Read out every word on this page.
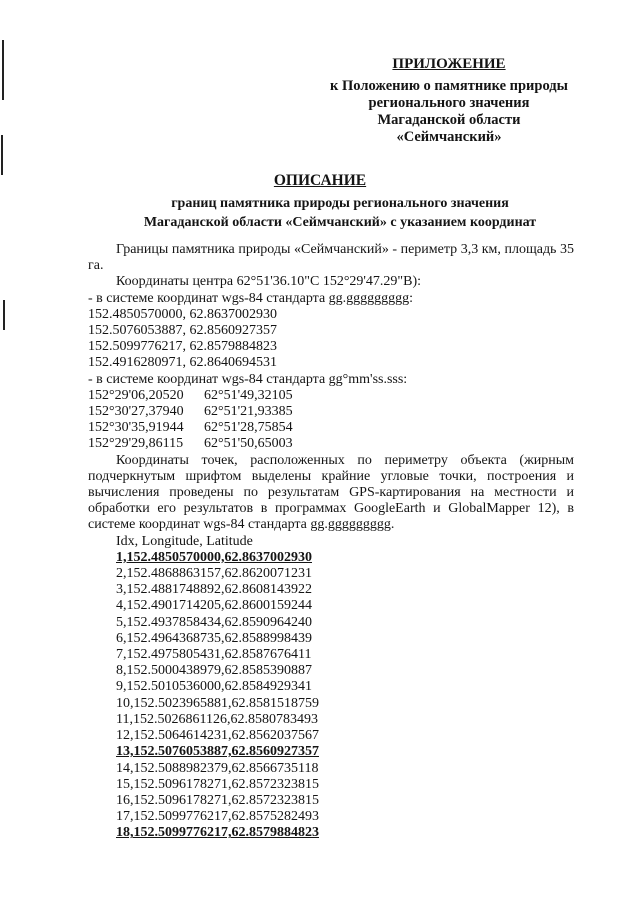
ПРИЛОЖЕНИЕ
к Положению о памятнике природы
регионального значения
Магаданской области
«Сеймчанский»
ОПИСАНИЕ
границ памятника природы регионального значения
Магаданской области «Сеймчанский» с указанием координат

Границы памятника природы «Сеймчанский» - периметр 3,3 км, площадь 35 га.

Координаты центра 62°51'36.10"С 152°29'47.29"В):

- в системе координат wgs-84 стандарта gg.ggggggggg:

152.4850570000, 62.8637002930
152.5076053887, 62.8560927357
152.5099776217, 62.8579884823
152.4916280971, 62.8640694531

- в системе координат wgs-84 стандарта gg°mm'ss.sss:

152°29'06,20520 62°51'49,32105
152°30'27,37940 62°51'21,93385
152°30'35,91944 62°51'28,75854
152°29'29,86115 62°51'50,65003

Координаты точек, расположенных по периметру объекта (жирным подчеркнутым шрифтом выделены крайние угловые точки, построения и вычисления проведены по результатам GPS-картирования на местности и обработки его результатов в программах GoogleEarth и GlobalMapper 12), в системе координат wgs-84 стандарта gg.ggggggggg.

Idx, Longitude, Latitude
1,152.4850570000,62.8637002930
2,152.4868863157,62.8620071231
3,152.4881748892,62.8608143922
4,152.4901714205,62.8600159244
5,152.4937858434,62.8590964240
6,152.4964368735,62.8588998439
7,152.4975805431,62.8587676411
8,152.5000438979,62.8585390887
9,152.5010536000,62.8584929341
10,152.5023965881,62.8581518759
11,152.5026861126,62.8580783493
12,152.5064614231,62.8562037567
13,152.5076053887,62.8560927357
14,152.5088982379,62.8566735118
15,152.5096178271,62.8572323815
16,152.5096178271,62.8572323815
17,152.5099776217,62.8575282493
18,152.5099776217,62.8579884823
